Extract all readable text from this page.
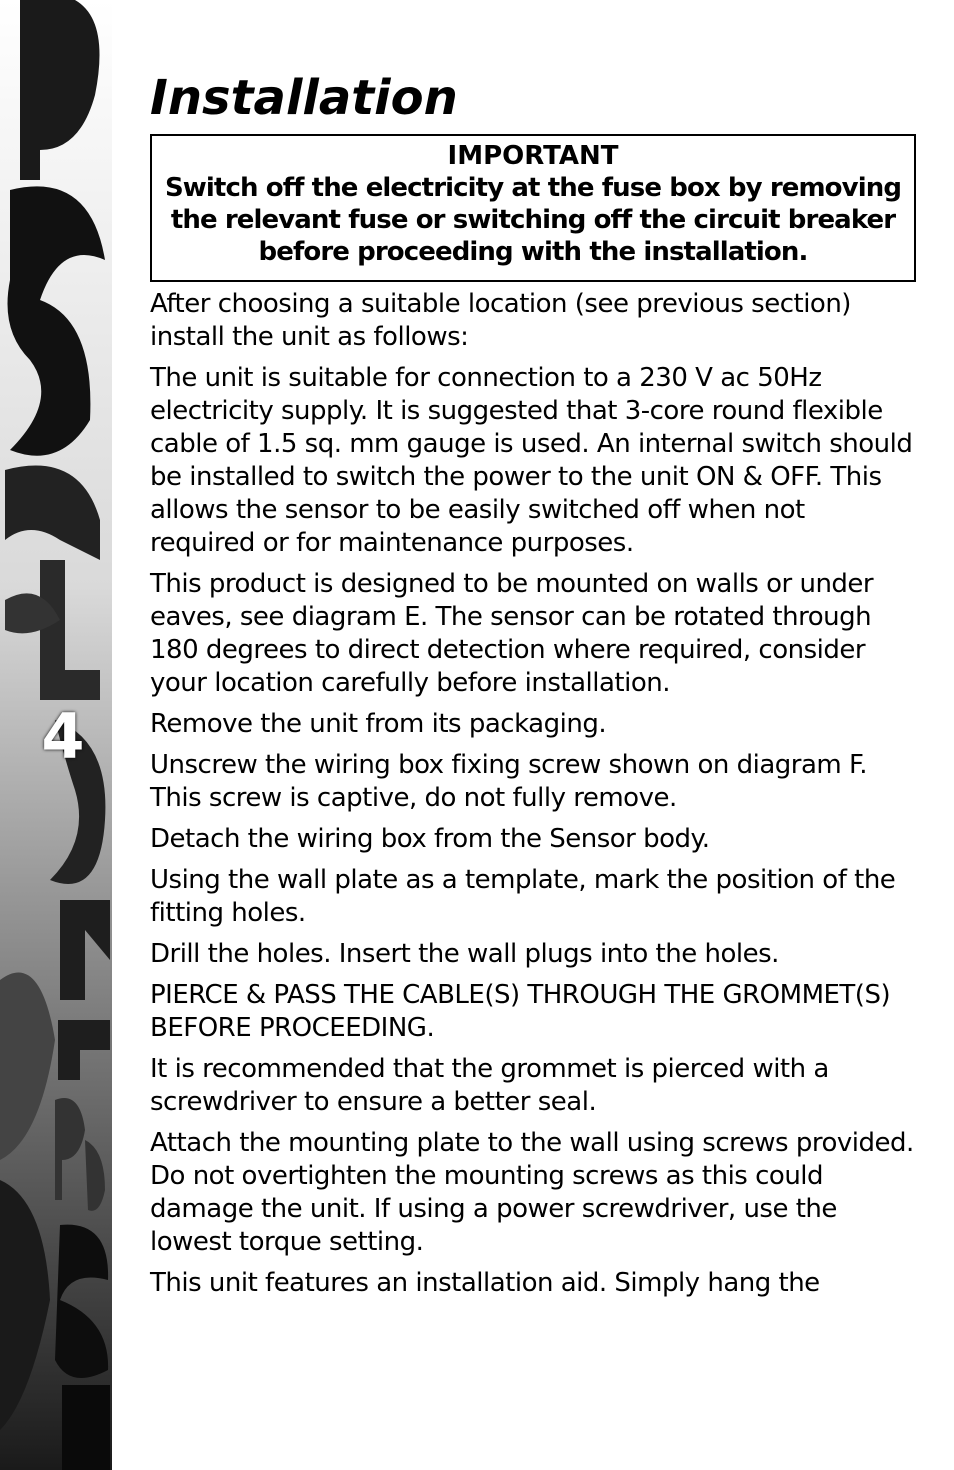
4
Installation
IMPORTANT
Switch off the electricity at the fuse box by removing the relevant fuse or switching off the circuit breaker before proceeding with the installation.

After choosing a suitable location (see previous section) install the unit as follows:

The unit is suitable for connection to a 230 V ac 50Hz electricity supply. It is suggested that 3-core round flexible cable of 1.5 sq. mm gauge is used. An internal switch should be installed to switch the power to the unit ON & OFF. This allows the sensor to be easily switched off when not required or for maintenance purposes.

This product is designed to be mounted on walls or under eaves, see diagram E. The sensor can be rotated through 180 degrees to direct detection where required, consider your location carefully before installation.

Remove the unit from its packaging.

Unscrew the wiring box fixing screw shown on diagram F. This screw is captive, do not fully remove.

Detach the wiring box from the Sensor body.

Using the wall plate as a template, mark the position of the fitting holes.

Drill the holes. Insert the wall plugs into the holes.

PIERCE & PASS THE CABLE(S) THROUGH THE GROMMET(S) BEFORE PROCEEDING.

It is recommended that the grommet is pierced with a screwdriver to ensure a better seal.

Attach the mounting plate to the wall using screws provided. Do not overtighten the mounting screws as this could damage the unit. If using a power screwdriver, use the lowest torque setting.

This unit features an installation aid. Simply hang the
